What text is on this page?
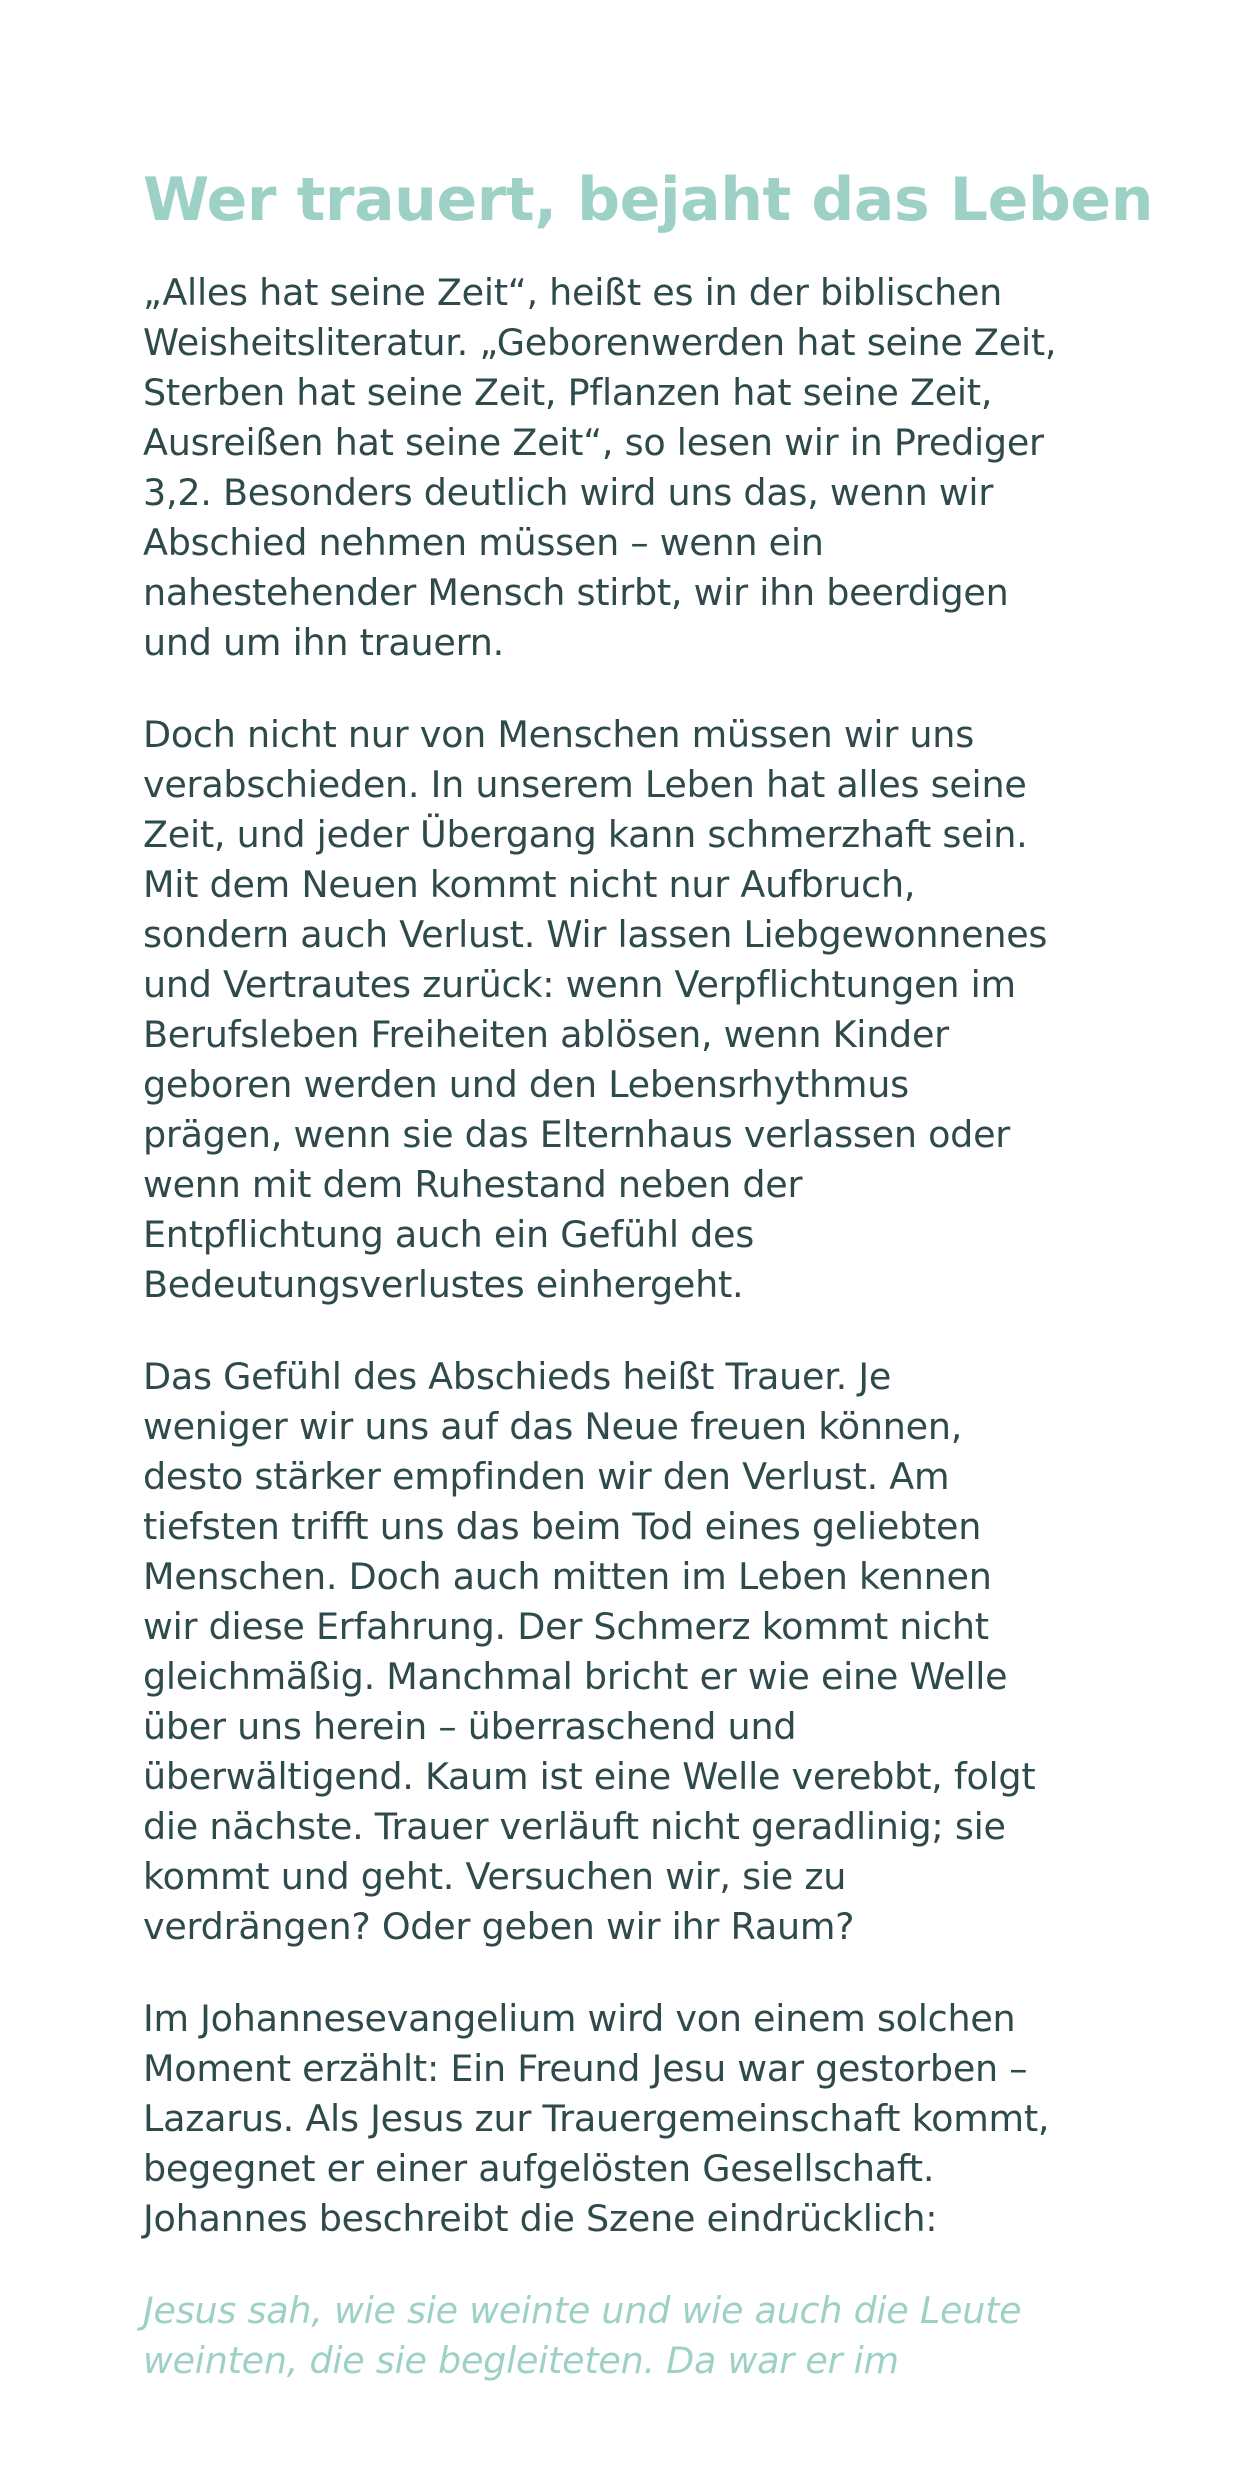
Wer trauert, bejaht das Leben

„Alles hat seine Zeit“, heißt es in der biblischen
Weisheitsliteratur. „Geborenwerden hat seine Zeit,
Sterben hat seine Zeit, Pflanzen hat seine Zeit,
Ausreißen hat seine Zeit“, so lesen wir in Prediger
3,2. Besonders deutlich wird uns das, wenn wir
Abschied nehmen müssen – wenn ein
nahestehender Mensch stirbt, wir ihn beerdigen
und um ihn trauern.

Doch nicht nur von Menschen müssen wir uns
verabschieden. In unserem Leben hat alles seine
Zeit, und jeder Übergang kann schmerzhaft sein.
Mit dem Neuen kommt nicht nur Aufbruch,
sondern auch Verlust. Wir lassen Liebgewonnenes
und Vertrautes zurück: wenn Verpflichtungen im
Berufsleben Freiheiten ablösen, wenn Kinder
geboren werden und den Lebensrhythmus
prägen, wenn sie das Elternhaus verlassen oder
wenn mit dem Ruhestand neben der
Entpflichtung auch ein Gefühl des
Bedeutungsverlustes einhergeht.

Das Gefühl des Abschieds heißt Trauer. Je
weniger wir uns auf das Neue freuen können,
desto stärker empfinden wir den Verlust. Am
tiefsten trifft uns das beim Tod eines geliebten
Menschen. Doch auch mitten im Leben kennen
wir diese Erfahrung. Der Schmerz kommt nicht
gleichmäßig. Manchmal bricht er wie eine Welle
über uns herein – überraschend und
überwältigend. Kaum ist eine Welle verebbt, folgt
die nächste. Trauer verläuft nicht geradlinig; sie
kommt und geht. Versuchen wir, sie zu
verdrängen? Oder geben wir ihr Raum?

Im Johannesevangelium wird von einem solchen
Moment erzählt: Ein Freund Jesu war gestorben –
Lazarus. Als Jesus zur Trauergemeinschaft kommt,
begegnet er einer aufgelösten Gesellschaft.
Johannes beschreibt die Szene eindrücklich:

Jesus sah, wie sie weinte und wie auch die Leute
weinten, die sie begleiteten. Da war er im
